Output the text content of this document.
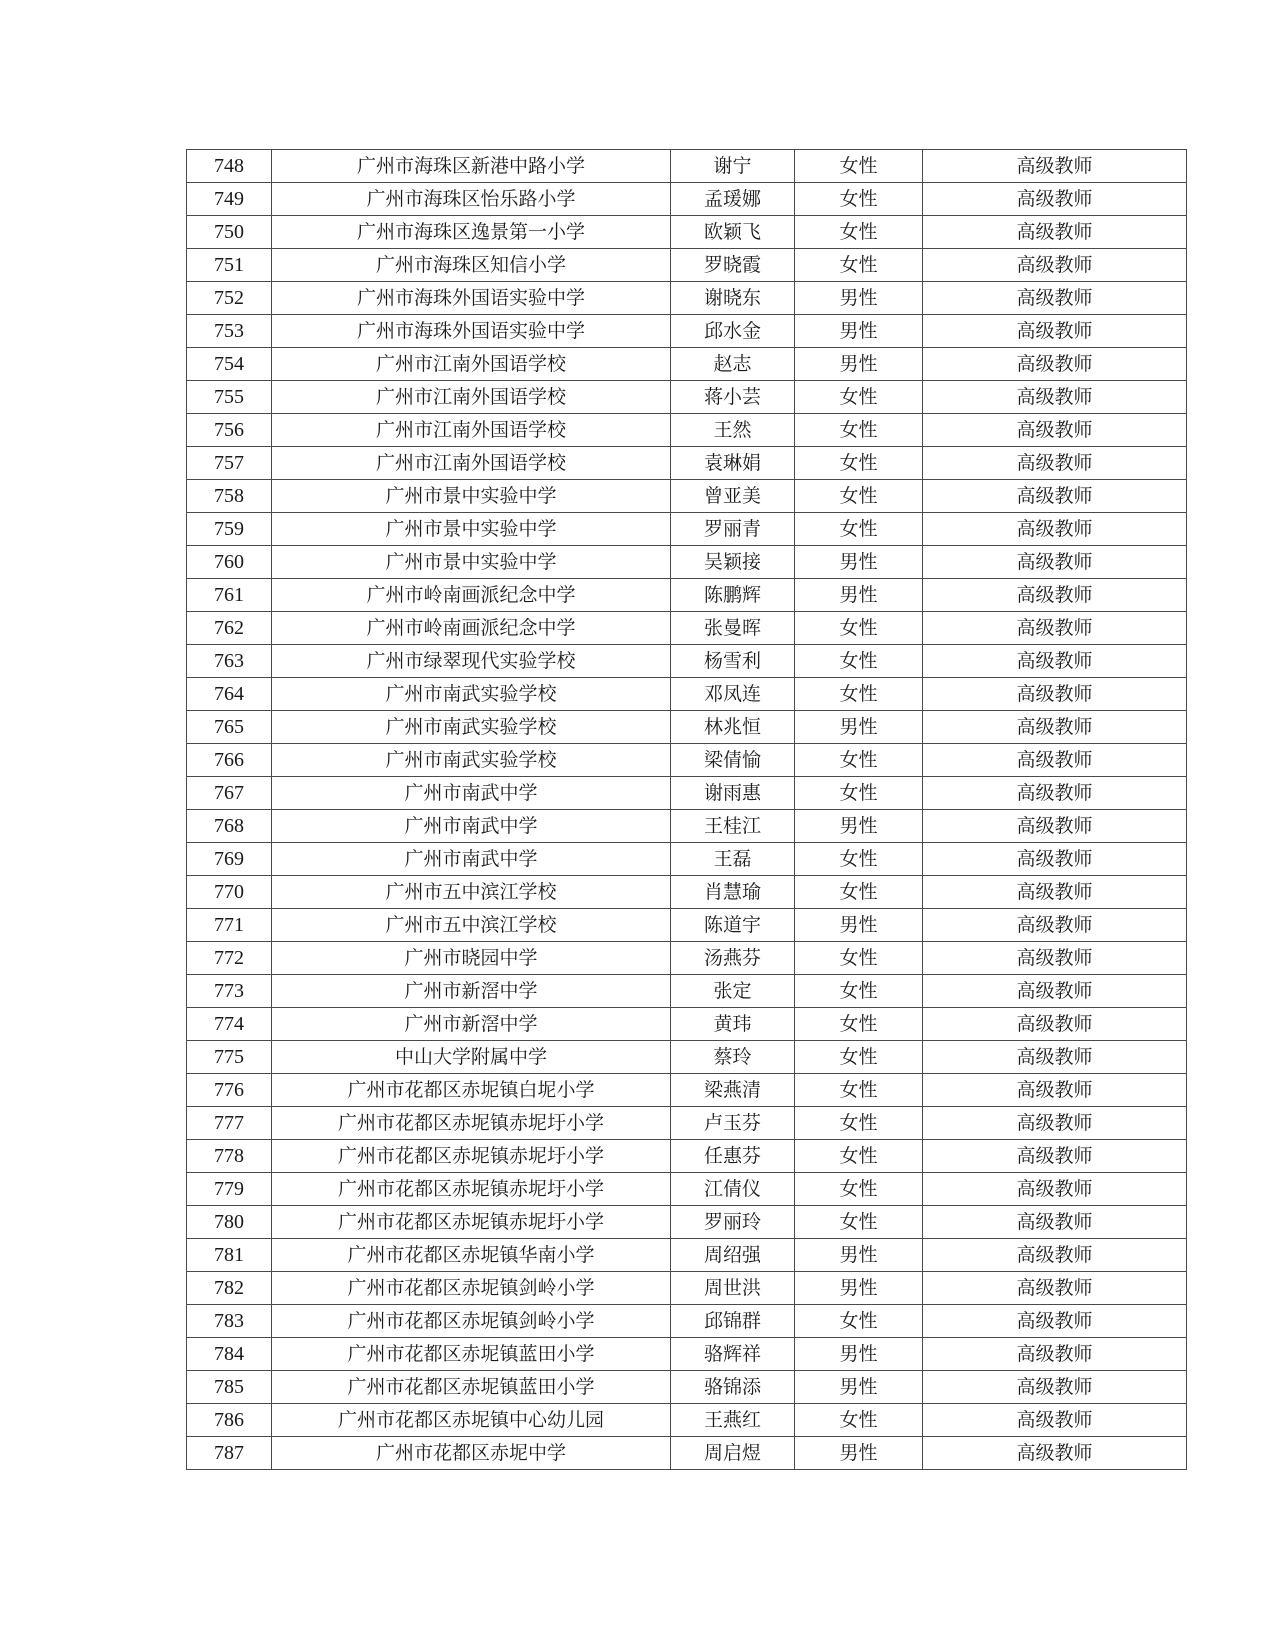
748	广州市海珠区新港中路小学	谢宁	女性	高级教师
749	广州市海珠区怡乐路小学	孟瑗娜	女性	高级教师
750	广州市海珠区逸景第一小学	欧颖飞	女性	高级教师
751	广州市海珠区知信小学	罗晓霞	女性	高级教师
752	广州市海珠外国语实验中学	谢晓东	男性	高级教师
753	广州市海珠外国语实验中学	邱水金	男性	高级教师
754	广州市江南外国语学校	赵志	男性	高级教师
755	广州市江南外国语学校	蒋小芸	女性	高级教师
756	广州市江南外国语学校	王然	女性	高级教师
757	广州市江南外国语学校	袁琳娟	女性	高级教师
758	广州市景中实验中学	曾亚美	女性	高级教师
759	广州市景中实验中学	罗丽青	女性	高级教师
760	广州市景中实验中学	吴颖接	男性	高级教师
761	广州市岭南画派纪念中学	陈鹏辉	男性	高级教师
762	广州市岭南画派纪念中学	张曼晖	女性	高级教师
763	广州市绿翠现代实验学校	杨雪利	女性	高级教师
764	广州市南武实验学校	邓凤连	女性	高级教师
765	广州市南武实验学校	林兆恒	男性	高级教师
766	广州市南武实验学校	梁倩愉	女性	高级教师
767	广州市南武中学	谢雨惠	女性	高级教师
768	广州市南武中学	王桂江	男性	高级教师
769	广州市南武中学	王磊	女性	高级教师
770	广州市五中滨江学校	肖慧瑜	女性	高级教师
771	广州市五中滨江学校	陈道宇	男性	高级教师
772	广州市晓园中学	汤燕芬	女性	高级教师
773	广州市新滘中学	张定	女性	高级教师
774	广州市新滘中学	黄玮	女性	高级教师
775	中山大学附属中学	蔡玲	女性	高级教师
776	广州市花都区赤坭镇白坭小学	梁燕清	女性	高级教师
777	广州市花都区赤坭镇赤坭圩小学	卢玉芬	女性	高级教师
778	广州市花都区赤坭镇赤坭圩小学	任惠芬	女性	高级教师
779	广州市花都区赤坭镇赤坭圩小学	江倩仪	女性	高级教师
780	广州市花都区赤坭镇赤坭圩小学	罗丽玲	女性	高级教师
781	广州市花都区赤坭镇华南小学	周绍强	男性	高级教师
782	广州市花都区赤坭镇剑岭小学	周世洪	男性	高级教师
783	广州市花都区赤坭镇剑岭小学	邱锦群	女性	高级教师
784	广州市花都区赤坭镇蓝田小学	骆辉祥	男性	高级教师
785	广州市花都区赤坭镇蓝田小学	骆锦添	男性	高级教师
786	广州市花都区赤坭镇中心幼儿园	王燕红	女性	高级教师
787	广州市花都区赤坭中学	周启煜	男性	高级教师
